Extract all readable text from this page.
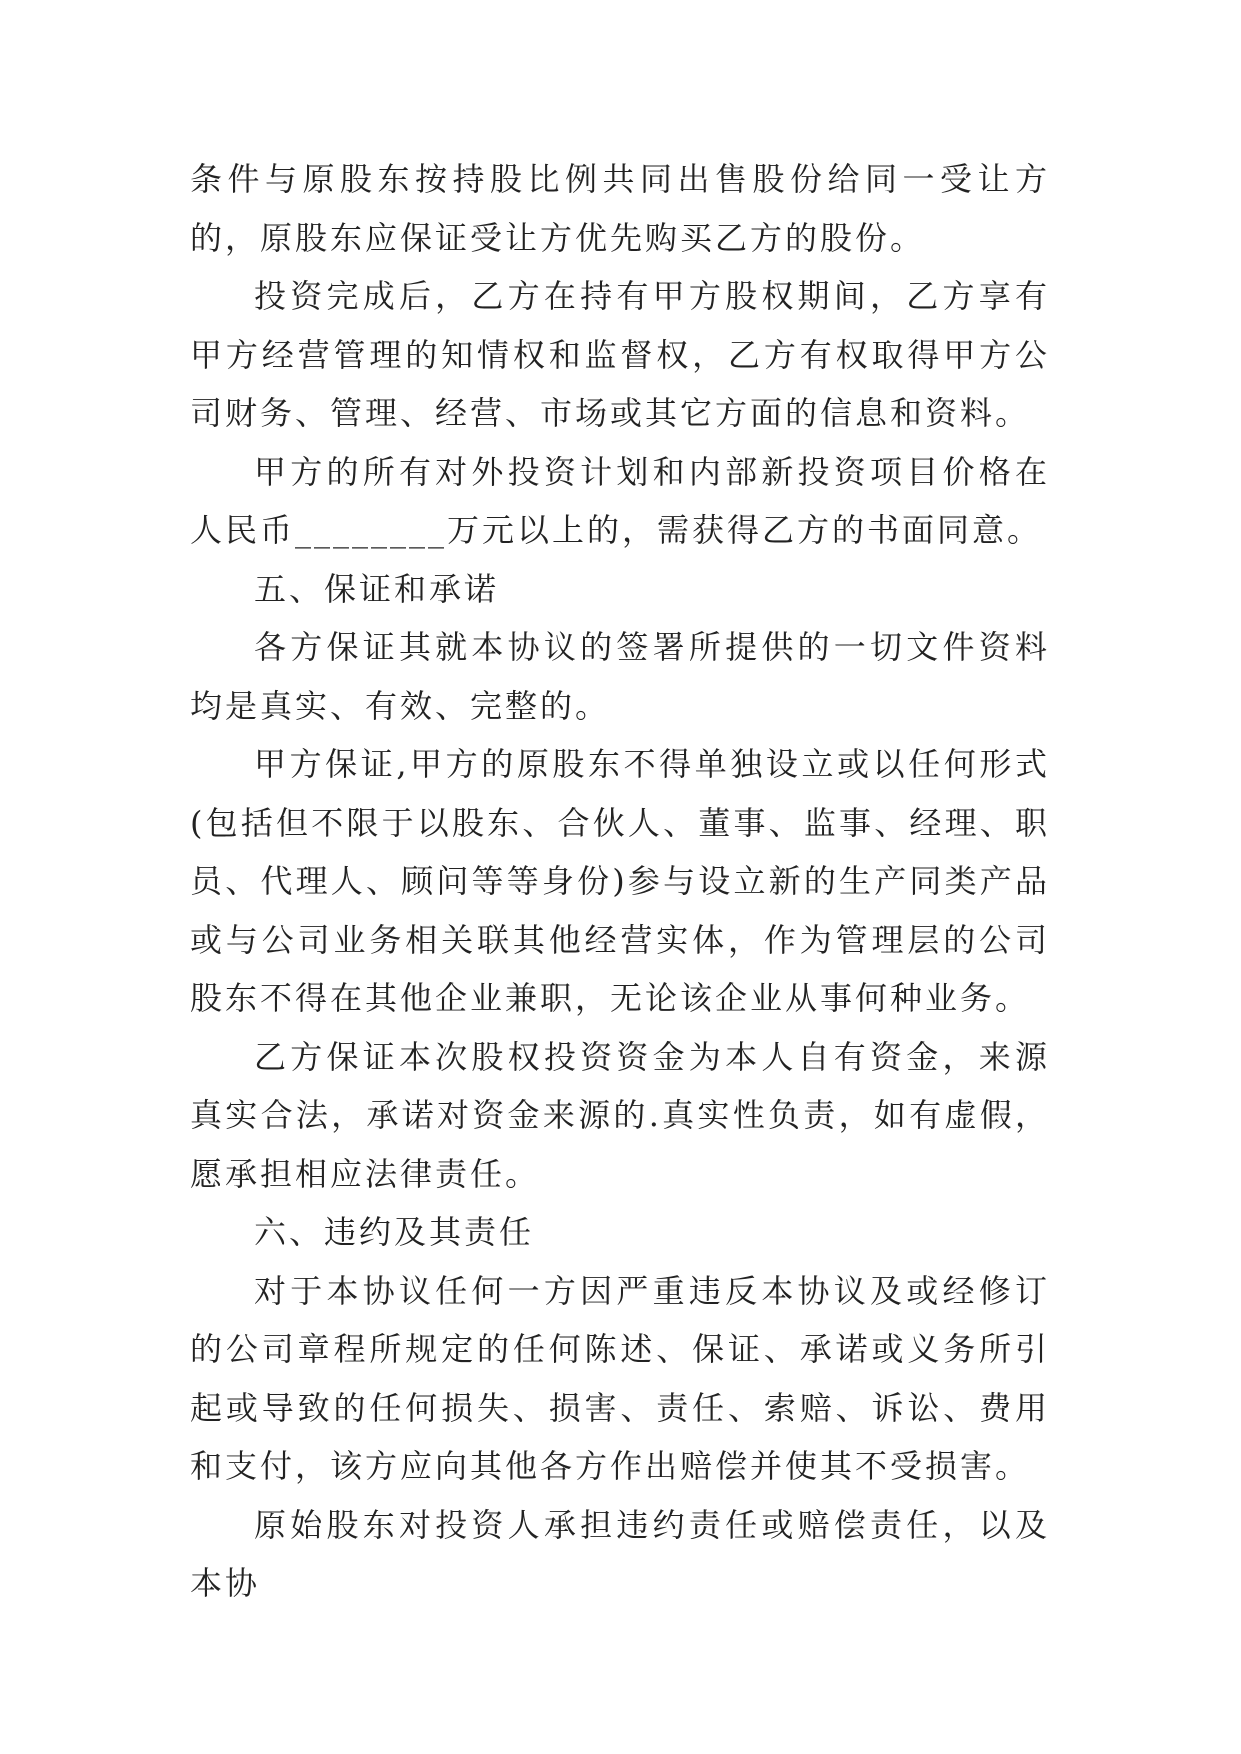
条件与原股东按持股比例共同出售股份给同一受让方的，原股东应保证受让方优先购买乙方的股份。

投资完成后，乙方在持有甲方股权期间，乙方享有甲方经营管理的知情权和监督权，乙方有权取得甲方公司财务、管理、经营、市场或其它方面的信息和资料。

甲方的所有对外投资计划和内部新投资项目价格在人民币________万元以上的，需获得乙方的书面同意。

五、保证和承诺

各方保证其就本协议的签署所提供的一切文件资料均是真实、有效、完整的。

甲方保证,甲方的原股东不得单独设立或以任何形式(包括但不限于以股东、合伙人、董事、监事、经理、职员、代理人、顾问等等身份)参与设立新的生产同类产品或与公司业务相关联其他经营实体，作为管理层的公司股东不得在其他企业兼职，无论该企业从事何种业务。

乙方保证本次股权投资资金为本人自有资金，来源真实合法，承诺对资金来源的.真实性负责，如有虚假，愿承担相应法律责任。

六、违约及其责任

对于本协议任何一方因严重违反本协议及或经修订的公司章程所规定的任何陈述、保证、承诺或义务所引起或导致的任何损失、损害、责任、索赔、诉讼、费用和支付，该方应向其他各方作出赔偿并使其不受损害。

原始股东对投资人承担违约责任或赔偿责任，以及本协
